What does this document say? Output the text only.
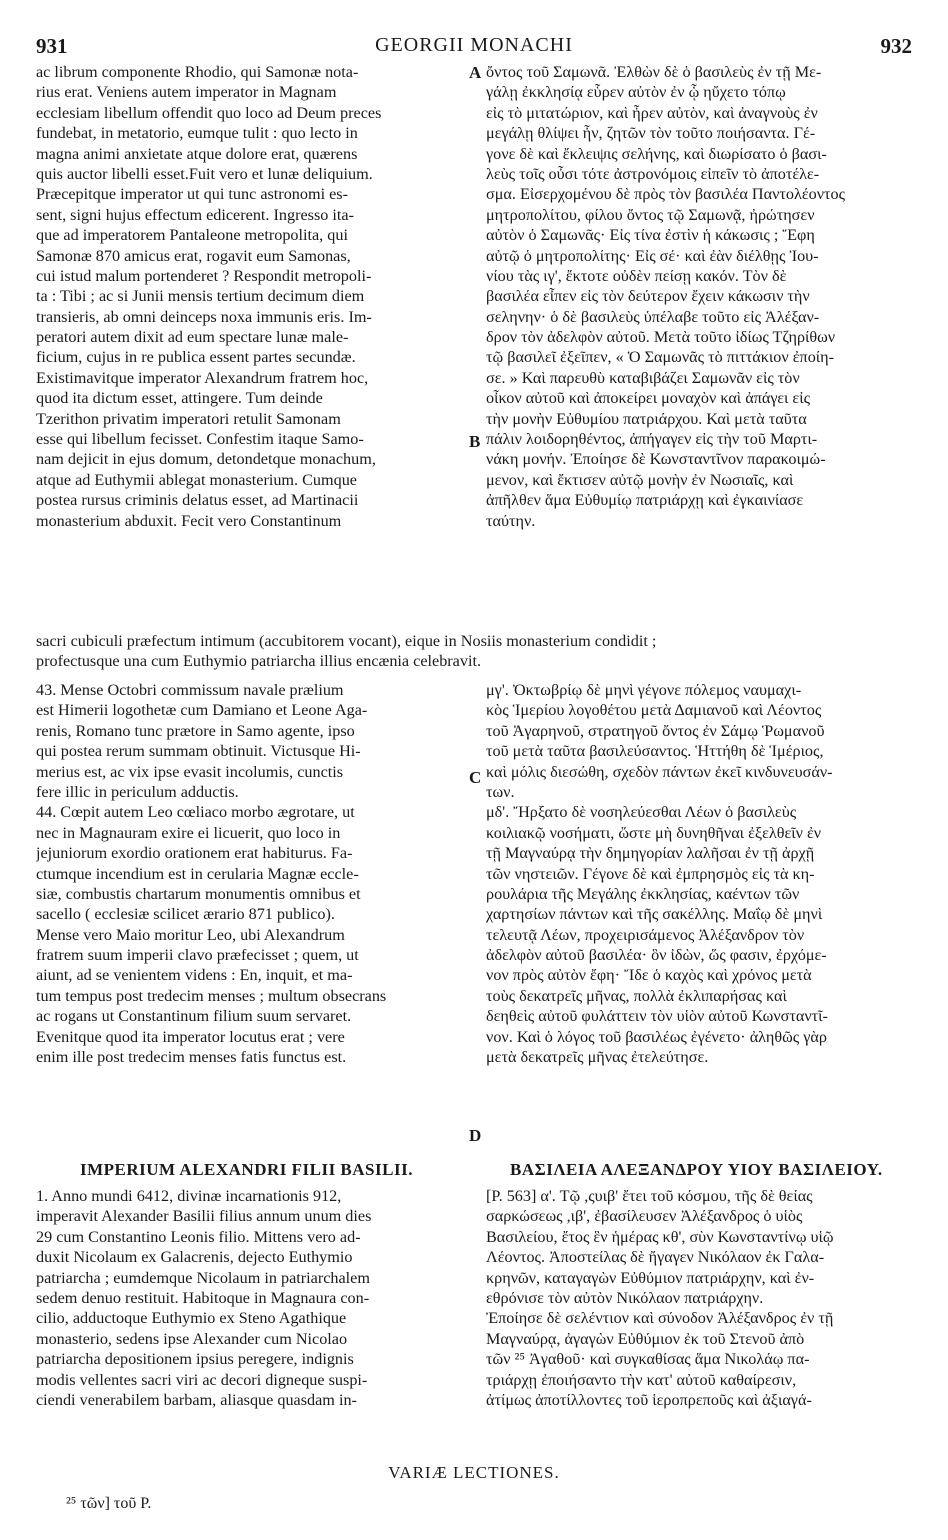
931	GEORGII MONACHI	932
ac librum componente Rhodio, qui Samonæ nota-
rius erat. Veniens autem imperator in Magnam
ecclesiam libellum offendit quo loco ad Deum preces
fundebat, in metatorio, eumque tulit : quo lecto in
magna animi anxietate atque dolore erat, quærens
quis auctor libelli esset.Fuit vero et lunæ deliquium.
Præcepitque imperator ut qui tunc astronomi es-
sent, signi hujus effectum edicerent. Ingresso ita-
que ad imperatorem Pantaleone metropolita, qui
Samonæ 870 amicus erat, rogavit eum Samonas,
cui istud malum portenderet ? Respondit metropoli-
ta : Tibi ; ac si Junii mensis tertium decimum diem
transieris, ab omni deinceps noxa immunis eris. Im-
peratori autem dixit ad eum spectare lunæ male-
ficium, cujus in re publica essent partes secundæ.
Existimavitque imperator Alexandrum fratrem hoc,
quod ita dictum esset, attingere. Tum deinde
Tzerithon privatim imperatori retulit Samonam
esse qui libellum fecisset. Confestim itaque Samo-
nam dejicit in ejus domum, detondetque monachum,
atque ad Euthymii ablegat monasterium. Cumque
postea rursus criminis delatus esset, ad Martinacii
monasterium abduxit. Fecit vero Constantinum
ὄντος τοῦ Σαμωνᾶ. Ἐλθὼν δὲ ὁ βασιλεὺς ἐν τῇ Με-
γάλῃ ἐκκλησίᾳ εὗρεν αὐτὸν ἐν ᾧ ηὔχετο τόπῳ
εἰς τὸ μιτατώριον, καὶ ἦρεν αὐτὸν, καὶ ἀναγνοὺς ἐν
μεγάλῃ θλίψει ἦν, ζητῶν τὸν τοῦτο ποιήσαντα. Γέ-
γονε δὲ καὶ ἔκλειψις σελήνης, καὶ διωρίσατο ὁ βασι-
λεὺς τοῖς οὖσι τότε ἀστρονόμοις εἰπεῖν τὸ ἀποτέλε-
σμα. Εἰσερχομένου δὲ πρὸς τὸν βασιλέα Παντολέοντος
μητροπολίτου, φίλου ὄντος τῷ Σαμωνᾷ, ἠρώτησεν
αὐτὸν ὁ Σαμωνᾶς· Εἰς τίνα ἐστὶν ἡ κάκωσις ; Ἔφη
αὐτῷ ὁ μητροπολίτης· Εἰς σέ· καὶ ἐὰν διέλθῃς Ἰου-
νίου τὰς ιγ', ἔκτοτε οὐδὲν πείσῃ κακόν. Τὸν δὲ
βασιλέα εἶπεν εἰς τὸν δεύτερον ἔχειν κάκωσιν τὴν
σεληνην· ὁ δὲ βασιλεὺς ὑπέλαβε τοῦτο εἰς Ἀλέξαν-
δρον τὸν ἀδελφὸν αὐτοῦ. Μετὰ τοῦτο ἰδίως Τζηρίθων
τῷ βασιλεῖ ἐξεῖπεν, « Ὁ Σαμωνᾶς τὸ πιττάκιον ἐποίη-
σε. » Καὶ παρευθὺ καταβιβάζει Σαμωνᾶν εἰς τὸν
οἶκον αὐτοῦ καὶ ἀποκείρει μοναχὸν καὶ ἀπάγει εἰς
τὴν μονὴν Εὐθυμίου πατριάρχου. Καὶ μετὰ ταῦτα
πάλιν λοιδορηθέντος, ἀπήγαγεν εἰς τὴν τοῦ Μαρτι-
νάκη μονήν. Ἐποίησε δὲ Κωνσταντῖνον παρακοιμώ-
μενον, καὶ ἔκτισεν αὐτῷ μονὴν ἐν Νωσιαῖς, καὶ
ἀπῆλθεν ἅμα Εὐθυμίῳ πατριάρχῃ καὶ ἐγκαινίασε
ταύτην.
A
B
sacri cubiculi præfectum intimum (accubitorem vocant), eique in Nosiis monasterium condidit ;
profectusque una cum Euthymio patriarcha illius encænia celebravit.
43. Mense Octobri commissum navale prælium
est Himerii logothetæ cum Damiano et Leone Aga-
renis, Romano tunc prætore in Samo agente, ipso
qui postea rerum summam obtinuit. Victusque Hi-
merius est, ac vix ipse evasit incolumis, cunctis
fere illic in periculum adductis.
44. Cœpit autem Leo cœliaco morbo ægrotare, ut
nec in Magnauram exire ei licuerit, quo loco in
jejuniorum exordio orationem erat habiturus. Fa-
ctumque incendium est in cerularia Magnæ eccle-
siæ, combustis chartarum monumentis omnibus et
sacello ( ecclesiæ scilicet ærario 871 publico).
Mense vero Maio moritur Leo, ubi Alexandrum
fratrem suum imperii clavo præfecisset ; quem, ut
aiunt, ad se venientem videns : En, inquit, et ma-
tum tempus post tredecim menses ; multum obsecrans
ac rogans ut Constantinum filium suum servaret.
Evenitque quod ita imperator locutus erat ; vere
enim ille post tredecim menses fatis functus est.
μγ'. Ὀκτωβρίῳ δὲ μηνὶ γέγονε πόλεμος ναυμαχι-
κὸς Ἱμερίου λογοθέτου μετὰ Δαμιανοῦ καὶ Λέοντος
τοῦ Ἀγαρηνοῦ, στρατηγοῦ ὄντος ἐν Σάμῳ Ῥωμανοῦ
τοῦ μετὰ ταῦτα βασιλεύσαντος. Ἡττήθη δὲ Ἱμέριος,
καὶ μόλις διεσώθη, σχεδὸν πάντων ἐκεῖ κινδυνευσάν-
των.
μδ'. Ἤρξατο δὲ νοσηλεύεσθαι Λέων ὁ βασιλεὺς
κοιλιακῷ νοσήματι, ὥστε μὴ δυνηθῆναι ἐξελθεῖν ἐν
τῇ Μαγναύρᾳ τὴν δημηγορίαν λαλῆσαι ἐν τῇ ἀρχῇ
τῶν νηστειῶν. Γέγονε δὲ καὶ ἐμπρησμὸς εἰς τὰ κη-
ρουλάρια τῆς Μεγάλης ἐκκλησίας, καέντων τῶν
χαρτησίων πάντων καὶ τῆς σακέλλης. Μαΐῳ δὲ μηνὶ
τελευτᾷ Λέων, προχειρισάμενος Ἀλέξανδρον τὸν
ἀδελφὸν αὐτοῦ βασιλέα· ὃν ἰδὼν, ὥς φασιν, ἐρχόμε-
νον πρὸς αὐτὸν ἔφη· Ἴδε ὁ καχὸς καὶ χρόνος μετὰ
τοὺς δεκατρεῖς μῆνας, πολλὰ ἐκλιπαρήσας καὶ
δεηθεὶς αὐτοῦ φυλάττειν τὸν υἱὸν αὐτοῦ Κωνσταντῖ-
νον. Καὶ ὁ λόγος τοῦ βασιλέως ἐγένετο· ἀληθῶς γὰρ
μετὰ δεκατρεῖς μῆνας ἐτελεύτησε.
C
D
IMPERIUM ALEXANDRI FILII BASILII.	ΒΑΣΙΛΕΙΑ ΑΛΕΞΑΝΔΡΟΥ ΥΙΟΥ ΒΑΣΙΛΕΙΟΥ.
1. Anno mundi 6412, divinæ incarnationis 912,
imperavit Alexander Basilii filius annum unum dies
29 cum Constantino Leonis filio. Mittens vero ad-
duxit Nicolaum ex Galacrenis, dejecto Euthymio
patriarcha ; eumdemque Nicolaum in patriarchalem
sedem denuo restituit. Habitoque in Magnaura con-
cilio, adductoque Euthymio ex Steno Agathique
monasterio, sedens ipse Alexander cum Nicolao
patriarcha depositionem ipsius peregere, indignis
modis vellentes sacri viri ac decori digneque suspi-
ciendi venerabilem barbam, aliasque quasdam in-
[P. 563] α'. Τῷ ,ςυιβ' ἔτει τοῦ κόσμου, τῆς δὲ θείας
σαρκώσεως ,ιβ', ἐβασίλευσεν Ἀλέξανδρος ὁ υἱὸς
Βασιλείου, ἔτος ἓν ἡμέρας κθ', σὺν Κωνσταντίνῳ υἱῷ
Λέοντος. Ἀποστείλας δὲ ἤγαγεν Νικόλαον ἐκ Γαλα-
κρηνῶν, καταγαγὼν Εὐθύμιον πατριάρχην, καὶ ἐν-
εθρόνισε τὸν αὐτὸν Νικόλαον πατριάρχην.
Ἐποίησε δὲ σελέντιον καὶ σύνοδον Ἀλέξανδρος ἐν τῇ
Μαγναύρᾳ, ἀγαγὼν Εὐθύμιον ἐκ τοῦ Στενοῦ ἀπὸ
τῶν ²⁵ Ἀγαθοῦ· καὶ συγκαθίσας ἅμα Νικολάῳ πα-
τριάρχῃ ἐποιήσαντο τὴν κατ' αὐτοῦ καθαίρεσιν,
ἀτίμως ἀποτίλλοντες τοῦ ἱεροπρεποῦς καὶ ἀξιαγά-
VARIÆ LECTIONES.
²⁵ τῶν] τοῦ P.
